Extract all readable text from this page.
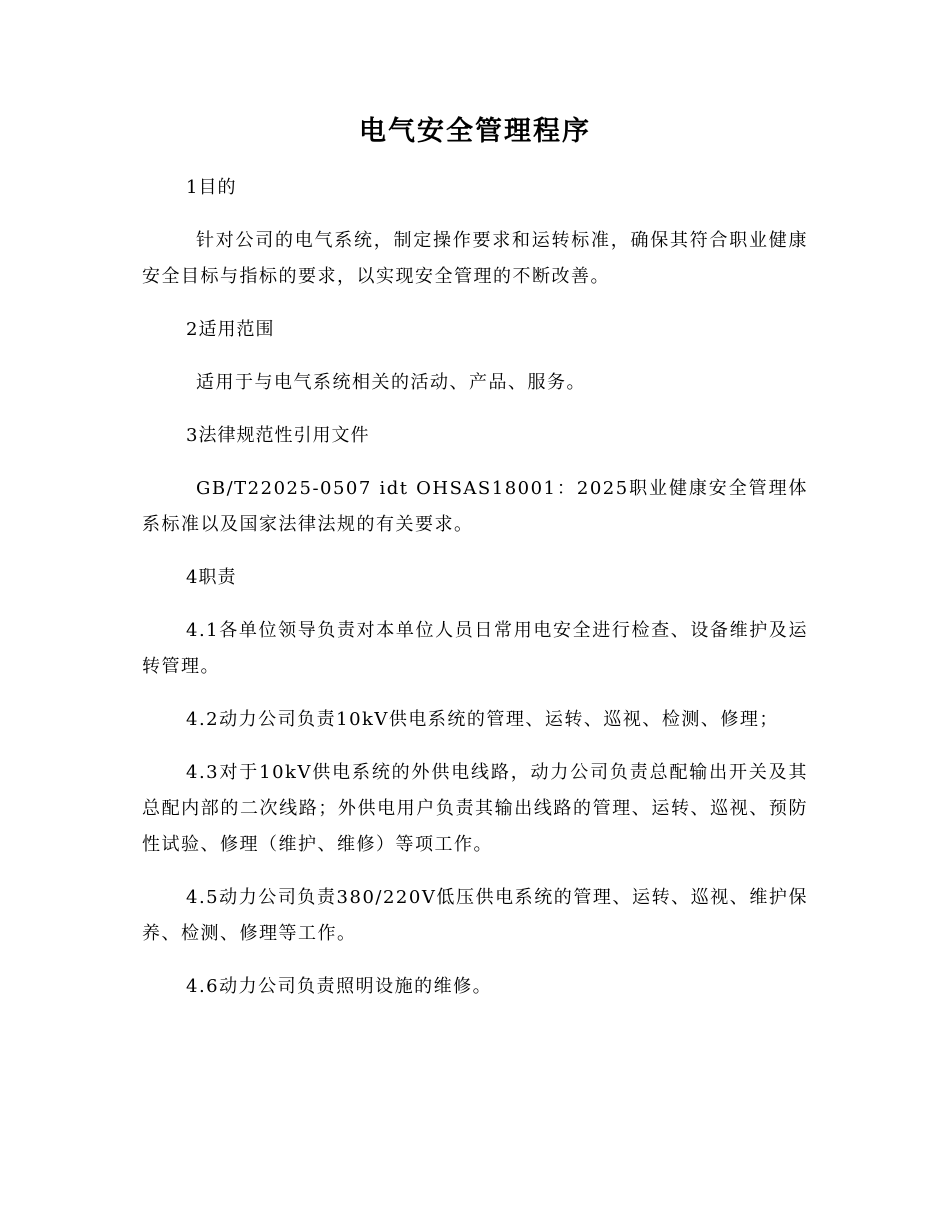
电气安全管理程序
1目的

针对公司的电气系统，制定操作要求和运转标准，确保其符合职业健康安全目标与指标的要求，以实现安全管理的不断改善。

2适用范围

适用于与电气系统相关的活动、产品、服务。

3法律规范性引用文件

GB/T22025-0507 idt OHSAS18001：2025职业健康安全管理体系标准以及国家法律法规的有关要求。

4职责

4.1各单位领导负责对本单位人员日常用电安全进行检查、设备维护及运转管理。

4.2动力公司负责10kV供电系统的管理、运转、巡视、检测、修理；

4.3对于10kV供电系统的外供电线路，动力公司负责总配输出开关及其总配内部的二次线路；外供电用户负责其输出线路的管理、运转、巡视、预防性试验、修理（维护、维修）等项工作。

4.5动力公司负责380/220V低压供电系统的管理、运转、巡视、维护保养、检测、修理等工作。

4.6动力公司负责照明设施的维修。
